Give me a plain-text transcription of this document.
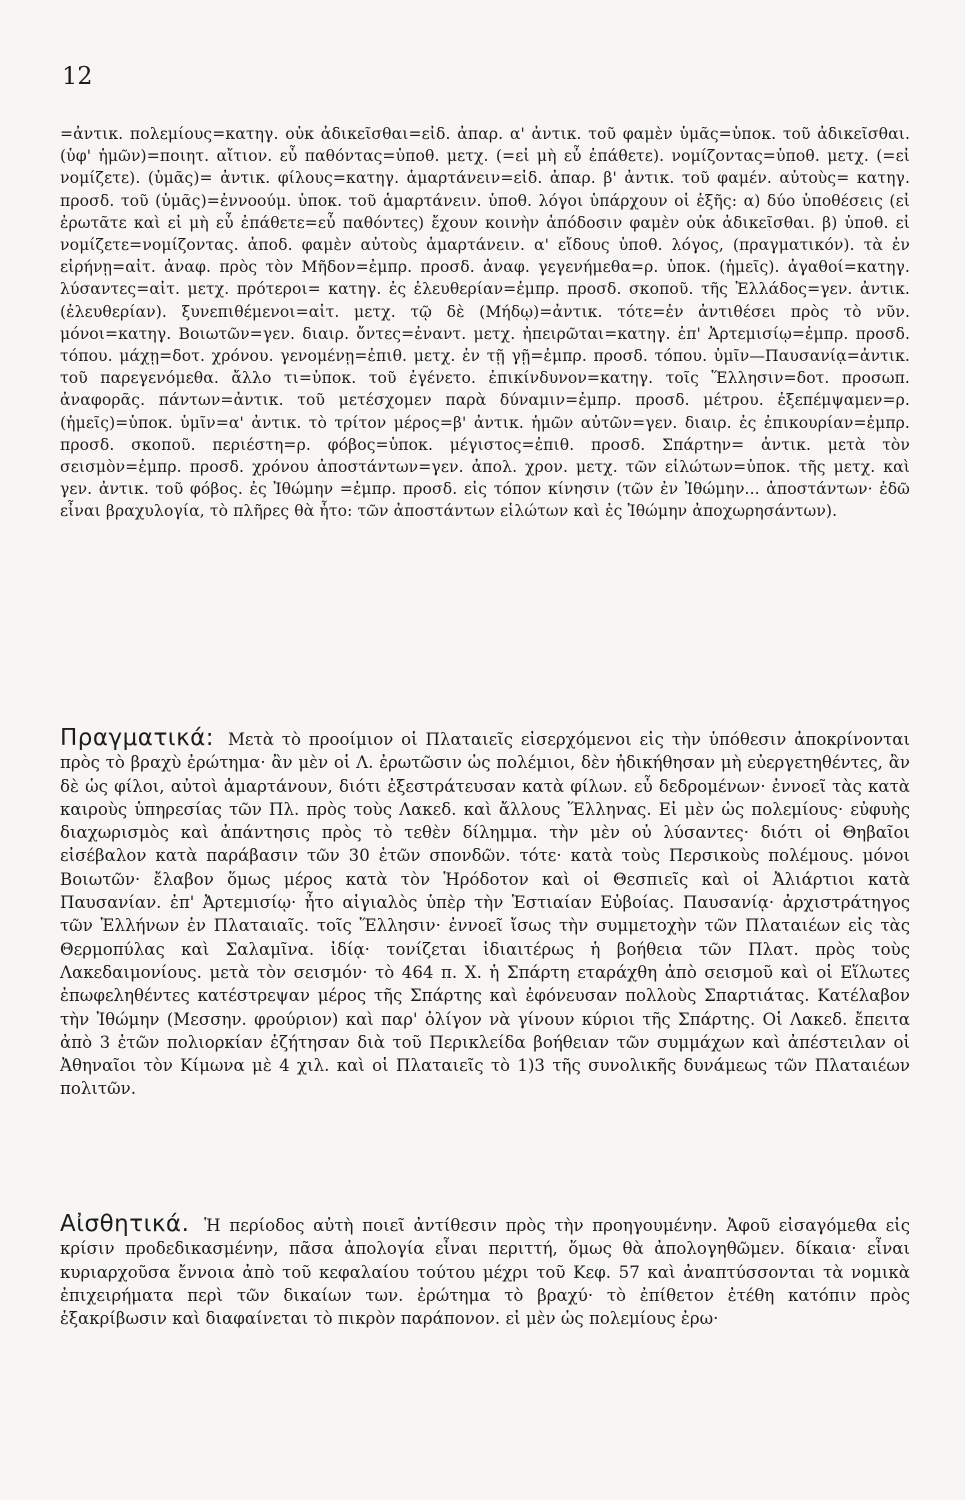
12
=ἀντικ. πολεμίους=κατηγ. οὐκ ἀδικεῖσθαι=εἰδ. ἀπαρ. α' ἀντικ. τοῦ φαμὲν ὑμᾶς=ὑποκ. τοῦ ἀδικεῖσθαι. (ὑφ' ἡμῶν)=ποιητ. αἴτιον. εὖ παθόντας=ὑποθ. μετχ. (=εἰ μὴ εὖ ἐπάθετε). νομίζοντας=ὑποθ. μετχ. (=εἰ νομίζετε). (ὑμᾶς)= ἀντικ. φίλους=κατηγ. ἁμαρτάνειν=εἰδ. ἀπαρ. β' ἀντικ. τοῦ φαμέν. αὐτοὺς= κατηγ. προσδ. τοῦ (ὑμᾶς)=ἐννοούμ. ὑποκ. τοῦ ἁμαρτάνειν. ὑποθ. λόγοι ὑπάρχουν οἱ ἑξῆς: α) δύο ὑποθέσεις (εἰ ἐρωτᾶτε καὶ εἰ μὴ εὖ ἐπάθετε=εὖ παθόντες) ἔχουν κοινὴν ἀπόδοσιν φαμὲν οὐκ ἀδικεῖσθαι. β) ὑποθ. εἰ νομίζετε=νομίζοντας. ἀποδ. φαμὲν αὐτοὺς ἁμαρτάνειν. α' εἴδους ὑποθ. λόγος, (πραγματικόν). τὰ ἐν εἰρήνῃ=αἰτ. ἀναφ. πρὸς τὸν Μῆδον=ἐμπρ. προσδ. ἀναφ. γεγενήμεθα=ρ. ὑποκ. (ἡμεῖς). ἀγαθοί=κατηγ. λύσαντες=αἰτ. μετχ. πρότεροι= κατηγ. ἐς ἐλευθερίαν=ἐμπρ. προσδ. σκοποῦ. τῆς Ἑλλάδος=γεν. ἀντικ. (ἐλευθερίαν). ξυνεπιθέμενοι=αἰτ. μετχ. τῷ δὲ (Μήδῳ)=ἀντικ. τότε=ἐν ἀντιθέσει πρὸς τὸ νῦν. μόνοι=κατηγ. Βοιωτῶν=γεν. διαιρ. ὄντες=ἐναντ. μετχ. ἠπειρῶται=κατηγ. ἐπ' Ἀρτεμισίῳ=ἐμπρ. προσδ. τόπου. μάχῃ=δοτ. χρόνου. γενομένῃ=ἐπιθ. μετχ. ἐν τῇ γῇ=ἐμπρ. προσδ. τόπου. ὑμῖν—Παυσανίᾳ=ἀντικ. τοῦ παρεγενόμεθα. ἄλλο τι=ὑποκ. τοῦ ἐγένετο. ἐπικίνδυνον=κατηγ. τοῖς Ἕλλησιν=δοτ. προσωπ. ἀναφορᾶς. πάντων=ἀντικ. τοῦ μετέσχομεν παρὰ δύναμιν=ἐμπρ. προσδ. μέτρου. ἐξεπέμψαμεν=ρ. (ἡμεῖς)=ὑποκ. ὑμῖν=α' ἀντικ. τὸ τρίτον μέρος=β' ἀντικ. ἡμῶν αὐτῶν=γεν. διαιρ. ἐς ἐπικουρίαν=ἐμπρ. προσδ. σκοποῦ. περιέστη=ρ. φόβος=ὑποκ. μέγιστος=ἐπιθ. προσδ. Σπάρτην= ἀντικ. μετὰ τὸν σεισμὸν=ἐμπρ. προσδ. χρόνου ἀποστάντων=γεν. ἀπολ. χρον. μετχ. τῶν εἱλώτων=ὑποκ. τῆς μετχ. καὶ γεν. ἀντικ. τοῦ φόβος. ἐς Ἰθώμην =ἐμπρ. προσδ. εἰς τόπον κίνησιν (τῶν ἐν Ἰθώμην... ἀποστάντων· ἐδῶ εἶναι βραχυλογία, τὸ πλῆρες θὰ ἦτο: τῶν ἀποστάντων εἱλώτων καὶ ἐς Ἰθώμην ἀποχωρησάντων).
Πραγματικά: Μετὰ τὸ προοίμιον οἱ Πλαταιεῖς εἰσερχόμενοι εἰς τὴν ὑπόθεσιν ἀποκρίνονται πρὸς τὸ βραχὺ ἐρώτημα· ἂν μὲν οἱ Λ. ἐρωτῶσιν ὡς πολέμιοι, δὲν ἠδικήθησαν μὴ εὐεργετηθέντες, ἂν δὲ ὡς φίλοι, αὐτοὶ ἁμαρτάνουν, διότι ἐξεστράτευσαν κατὰ φίλων. εὖ δεδρομένων· ἐννοεῖ τὰς κατὰ καιροὺς ὑπηρεσίας τῶν Πλ. πρὸς τοὺς Λακεδ. καὶ ἄλλους Ἕλληνας. Εἰ μὲν ὡς πολεμίους· εὐφυὴς διαχωρισμὸς καὶ ἀπάντησις πρὸς τὸ τεθὲν δίλημμα. τὴν μὲν οὐ λύσαντες· διότι οἱ Θηβαῖοι εἰσέβαλον κατὰ παράβασιν τῶν 30 ἐτῶν σπονδῶν. τότε· κατὰ τοὺς Περσικοὺς πολέμους. μόνοι Βοιωτῶν· ἔλαβον ὅμως μέρος κατὰ τὸν Ἡρόδοτον καὶ οἱ Θεσπιεῖς καὶ οἱ Ἀλιάρτιοι κατὰ Παυσανίαν. ἐπ' Ἀρτεμισίῳ· ἦτο αἰγιαλὸς ὑπὲρ τὴν Ἑστιαίαν Εὐβοίας. Παυσανίᾳ· ἀρχιστράτηγος τῶν Ἑλλήνων ἐν Πλαταιαῖς. τοῖς Ἕλλησιν· ἐννοεῖ ἴσως τὴν συμμετοχὴν τῶν Πλαταιέων εἰς τὰς Θερμοπύλας καὶ Σαλαμῖνα. ἰδίᾳ· τονίζεται ἰδιαιτέρως ἡ βοήθεια τῶν Πλατ. πρὸς τοὺς Λακεδαιμονίους. μετὰ τὸν σεισμόν· τὸ 464 π. Χ. ἡ Σπάρτη εταράχθη ἀπὸ σεισμοῦ καὶ οἱ Εἵλωτες ἐπωφεληθέντες κατέστρεψαν μέρος τῆς Σπάρτης καὶ ἐφόνευσαν πολλοὺς Σπαρτιάτας. Κατέλαβον τὴν Ἰθώμην (Μεσσην. φρούριον) καὶ παρ' ὀλίγον νὰ γίνουν κύριοι τῆς Σπάρτης. Οἱ Λακεδ. ἔπειτα ἀπὸ 3 ἐτῶν πολιορκίαν ἐζήτησαν διὰ τοῦ Περικλείδα βοήθειαν τῶν συμμάχων καὶ ἀπέστειλαν οἱ Ἀθηναῖοι τὸν Κίμωνα μὲ 4 χιλ. καὶ οἱ Πλαταιεῖς τὸ 1)3 τῆς συνολικῆς δυνάμεως τῶν Πλαταιέων πολιτῶν.
Αἰσθητικά. Ἡ περίοδος αὐτὴ ποιεῖ ἀντίθεσιν πρὸς τὴν προηγουμένην. Ἀφοῦ εἰσαγόμεθα εἰς κρίσιν προδεδικασμένην, πᾶσα ἀπολογία εἶναι περιττή, ὅμως θὰ ἀπολογηθῶμεν. δίκαια· εἶναι κυριαρχοῦσα ἔννοια ἀπὸ τοῦ κεφαλαίου τούτου μέχρι τοῦ Κεφ. 57 καὶ ἀναπτύσσονται τὰ νομικὰ ἐπιχειρήματα περὶ τῶν δικαίων των. ἐρώτημα τὸ βραχύ· τὸ ἐπίθετον ἐτέθη κατόπιν πρὸς ἐξακρίβωσιν καὶ διαφαίνεται τὸ πικρὸν παράπονον. εἰ μὲν ὡς πολεμίους ἐρω·
